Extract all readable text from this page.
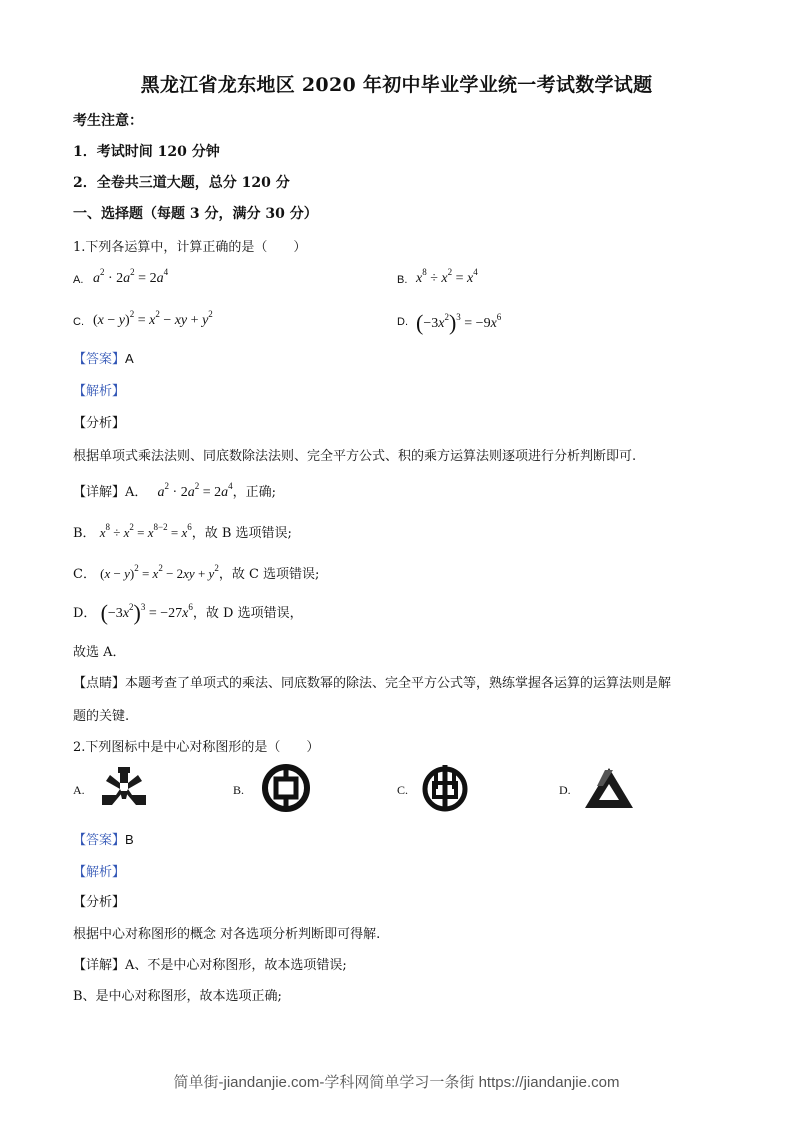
黑龙江省龙东地区 2020 年初中毕业学业统一考试数学试题
考生注意：
1．考试时间 120 分钟
2．全卷共三道大题，总分 120 分
一、选择题（每题 3 分，满分 30 分）
1.下列各运算中，计算正确的是（　　）
A. $a^2 \cdot 2a^2 = 2a^4$
B. $x^8 \div x^2 = x^4$
C. $(x - y)^2 = x^2$ − xy + $y^2$
D. $(-3x^2)^3 = -9x^6$
【答案】A
【解析】
【分析】
根据单项式乘法法则、同底数除法法则、完全平方公式、积的乘方运算法则逐项进行分析判断即可.
【详解】A． $a^2 \cdot 2a^2 = 2a^4$，正确;
B． $x^8 \div x^2 = x^{8-2} = x^6$，故 B 选项错误;
C． $(x - y)^2 = x^2 - 2xy + y^2$，故 C 选项错误;
D． $(-3x^2)^3 = -27x^6$，故 D 选项错误，
故选 A．
【点睛】本题考查了单项式的乘法、同底数幂的除法、完全平方公式等，熟练掌握各运算的运算法则是解
题的关键.
2.下列图标中是中心对称图形的是（　　）
A.	B.	C.	D.
【答案】B
【解析】
【分析】
根据中心对称图形的概念 对各选项分析判断即可得解.
【详解】A、不是中心对称图形，故本选项错误;
B、是中心对称图形，故本选项正确;
简单街-jiandanjie.com-学科网简单学习一条街 https://jiandanjie.com
